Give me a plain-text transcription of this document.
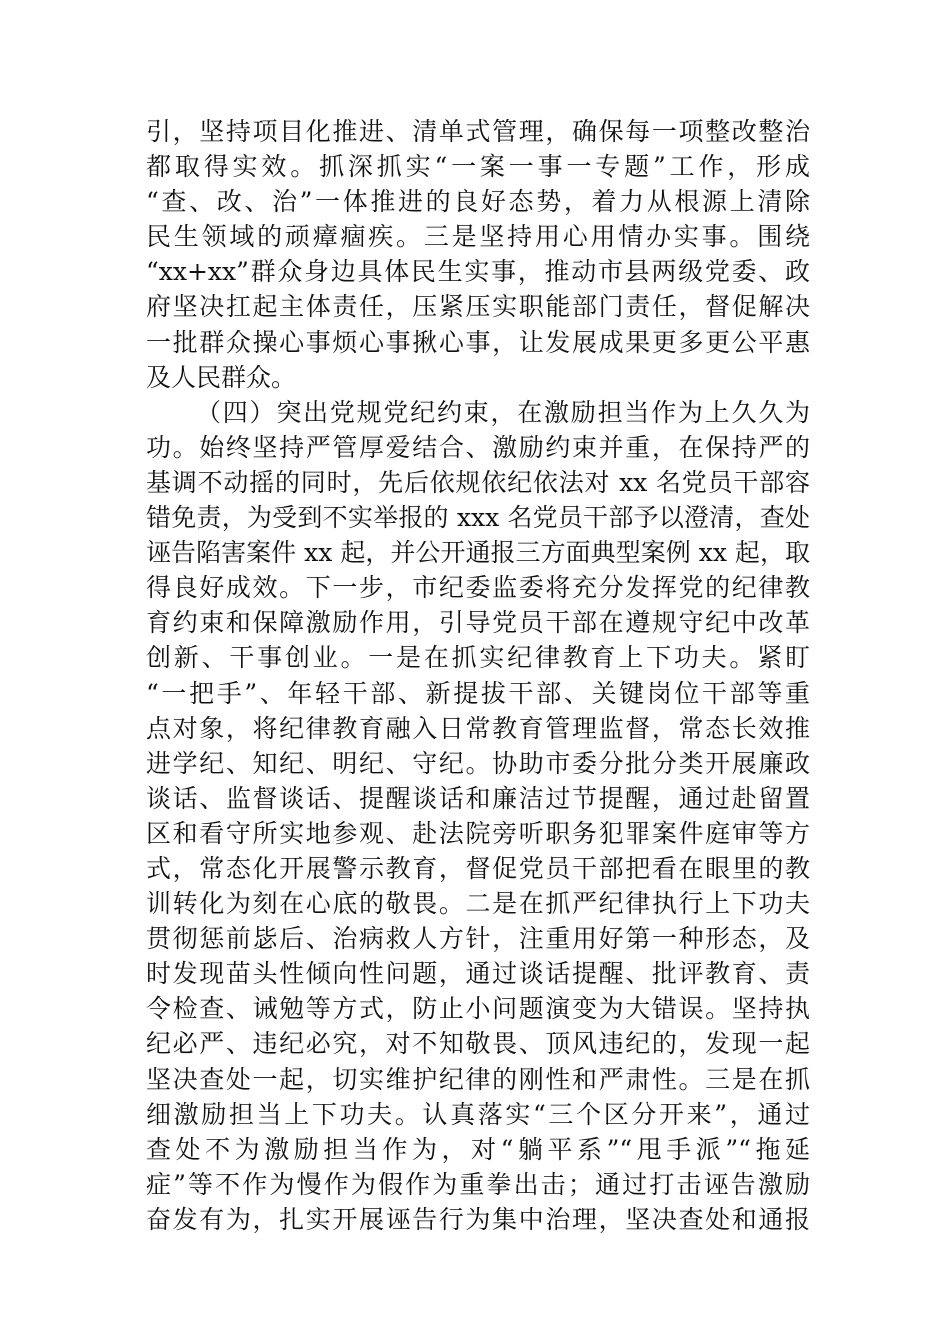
引，坚持项目化推进、清单式管理，确保每一项整改整治
都取得实效。抓深抓实“一案一事一专题”工作，形成
“查、改、治”一体推进的良好态势，着力从根源上清除
民生领域的顽瘴痼疾。三是坚持用心用情办实事。围绕
“xx+xx”群众身边具体民生实事，推动市县两级党委、政
府坚决扛起主体责任，压紧压实职能部门责任，督促解决
一批群众操心事烦心事揪心事，让发展成果更多更公平惠
及人民群众。
（四）突出党规党纪约束，在激励担当作为上久久为
功。始终坚持严管厚爱结合、激励约束并重，在保持严的
基调不动摇的同时，先后依规依纪依法对 xx 名党员干部容
错免责，为受到不实举报的 xxx 名党员干部予以澄清，查处
诬告陷害案件 xx 起，并公开通报三方面典型案例 xx 起，取
得良好成效。下一步，市纪委监委将充分发挥党的纪律教
育约束和保障激励作用，引导党员干部在遵规守纪中改革
创新、干事创业。一是在抓实纪律教育上下功夫。紧盯
“一把手”、年轻干部、新提拔干部、关键岗位干部等重
点对象，将纪律教育融入日常教育管理监督，常态长效推
进学纪、知纪、明纪、守纪。协助市委分批分类开展廉政
谈话、监督谈话、提醒谈话和廉洁过节提醒，通过赴留置
区和看守所实地参观、赴法院旁听职务犯罪案件庭审等方
式，常态化开展警示教育，督促党员干部把看在眼里的教
训转化为刻在心底的敬畏。二是在抓严纪律执行上下功夫
贯彻惩前毖后、治病救人方针，注重用好第一种形态，及
时发现苗头性倾向性问题，通过谈话提醒、批评教育、责
令检查、诫勉等方式，防止小问题演变为大错误。坚持执
纪必严、违纪必究，对不知敬畏、顶风违纪的，发现一起
坚决查处一起，切实维护纪律的刚性和严肃性。三是在抓
细激励担当上下功夫。认真落实“三个区分开来”，通过
查处不为激励担当作为，对“躺平系”“甩手派”“拖延
症”等不作为慢作为假作为重拳出击；通过打击诬告激励
奋发有为，扎实开展诬告行为集中治理，坚决查处和通报
